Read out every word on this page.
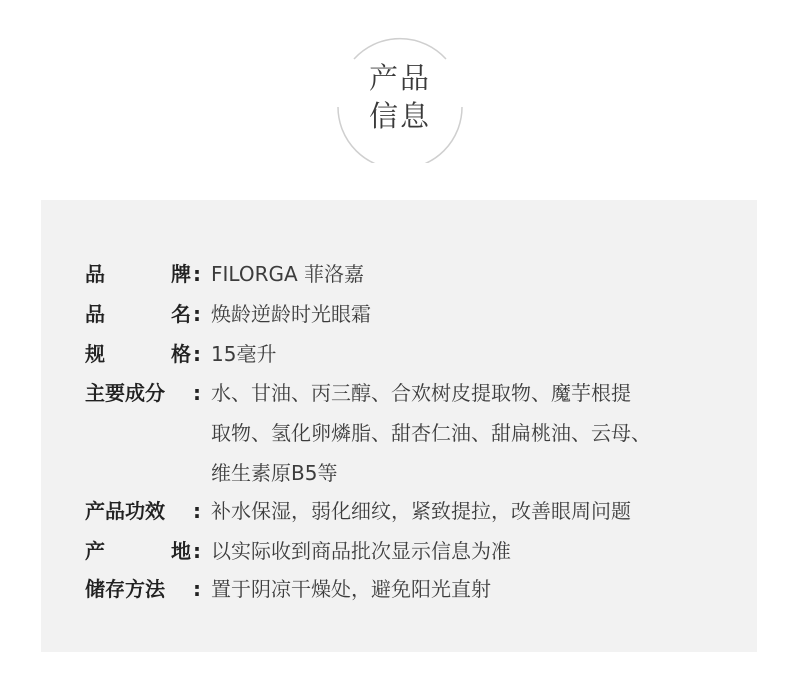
产品
信息
品	牌 : FILORGA 菲洛嘉
品	名 : 焕龄逆龄时光眼霜
规	格 : 15毫升
主要成分	: 水、甘油、丙三醇、合欢树皮提取物、魔芋根提
取物、氢化卵燐脂、甜杏仁油、甜扁桃油、云母、
维生素原B5等
产品功效	: 补水保湿，弱化细纹，紧致提拉，改善眼周问题
产	地 : 以实际收到商品批次显示信息为准
储存方法	: 置于阴凉干燥处，避免阳光直射
